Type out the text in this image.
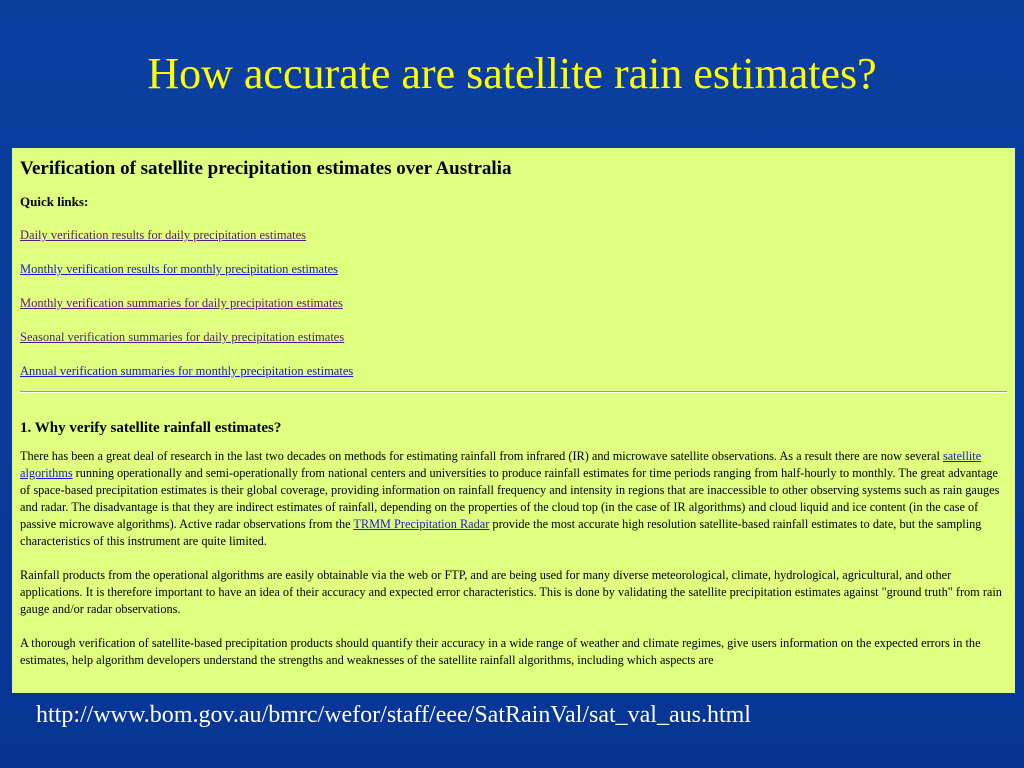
How accurate are satellite rain estimates?
Verification of satellite precipitation estimates over Australia
Quick links:
Daily verification results for daily precipitation estimates
Monthly verification results for monthly precipitation estimates
Monthly verification summaries for daily precipitation estimates
Seasonal verification summaries for daily precipitation estimates
Annual verification summaries for monthly precipitation estimates
1. Why verify satellite rainfall estimates?

There has been a great deal of research in the last two decades on methods for estimating rainfall from infrared (IR) and microwave satellite observations. As a result there are now several satellite algorithms running operationally and semi-operationally from national centers and universities to produce rainfall estimates for time periods ranging from half-hourly to monthly. The great advantage of space-based precipitation estimates is their global coverage, providing information on rainfall frequency and intensity in regions that are inaccessible to other observing systems such as rain gauges and radar. The disadvantage is that they are indirect estimates of rainfall, depending on the properties of the cloud top (in the case of IR algorithms) and cloud liquid and ice content (in the case of passive microwave algorithms). Active radar observations from the TRMM Precipitation Radar provide the most accurate high resolution satellite-based rainfall estimates to date, but the sampling characteristics of this instrument are quite limited.

Rainfall products from the operational algorithms are easily obtainable via the web or FTP, and are being used for many diverse meteorological, climate, hydrological, agricultural, and other applications. It is therefore important to have an idea of their accuracy and expected error characteristics. This is done by validating the satellite precipitation estimates against "ground truth" from rain gauge and/or radar observations.

A thorough verification of satellite-based precipitation products should quantify their accuracy in a wide range of weather and climate regimes, give users information on the expected errors in the estimates, help algorithm developers understand the strengths and weaknesses of the satellite rainfall algorithms, including which aspects are

http://www.bom.gov.au/bmrc/wefor/staff/eee/SatRainVal/sat_val_aus.html
